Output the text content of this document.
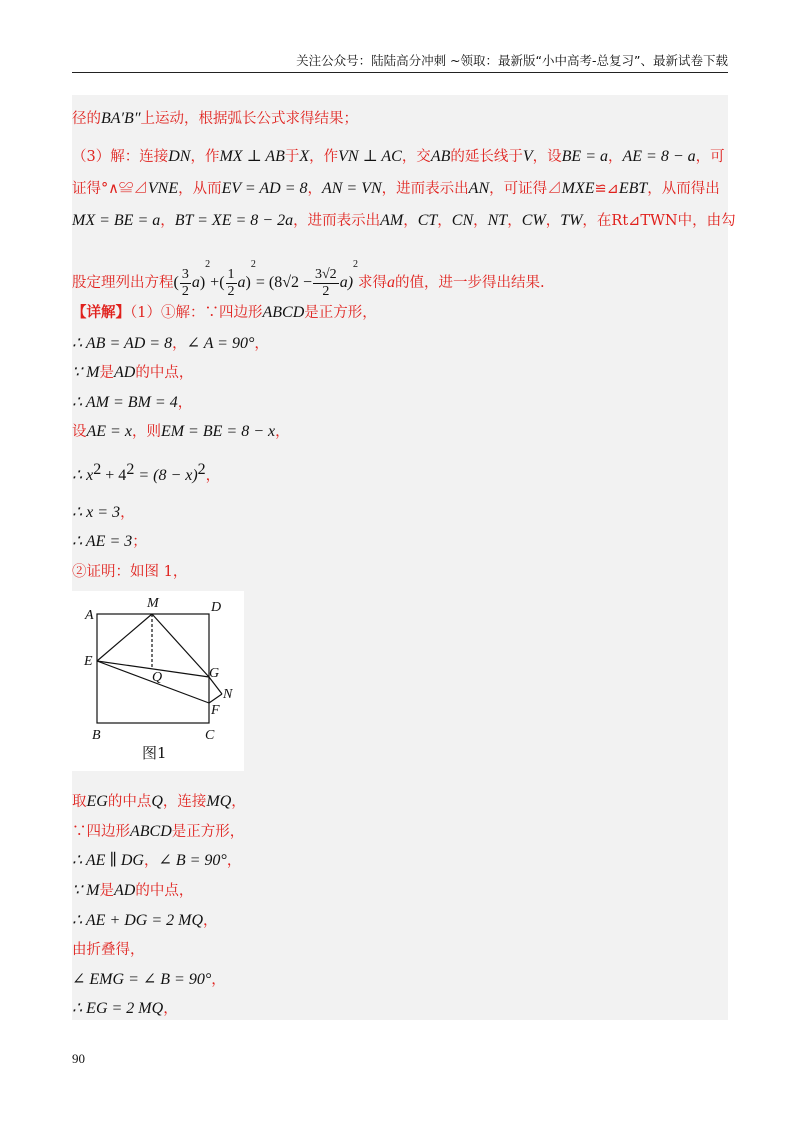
关注公众号：陆陆高分冲刺 ~领取：最新版“小中高考-总复习”、最新试卷下载
径的BA′B″上运动，根据弧长公式求得结果；
（3）解：连接DN，作MX ⊥ AB于X，作VN ⊥ AC，交AB的延长线于V，设BE = a，AE = 8 − a，可
证得°∧≌⊿VNE，从而EV = AD = 8，AN = VN，进而表示出AN，可证得⊿MXE≌⊿EBT，从而得出
MX = BE = a，BT = XE = 8 − 2a，进而表示出AM，CT，CN，NT，CW，TW，在Rt⊿TWN中，由勾
股定理列出方程( $\frac{3}{2} a)^2+( \frac{1}{2} a)^2= (8√2 - \frac{3√2}{2} a)^2$求得a的值，进一步得出结果.
【详解】（1）①解：∵四边形ABCD是正方形，
∴ AB = AD = 8，∠ A = 90°，
∵ M是AD的中点，
∴ AM = BM = 4，
设AE = x，则EM = BE = 8 − x，
∴ $x^2 + 4^2 = (8 - x)^2$，
∴ x = 3，
∴ AE = 3；
②证明：如图 1，
A
M	D
E
Q	G
N
F
B	C
图1
取EG的中点Q，连接MQ，
∵四边形ABCD是正方形，
∴ AE ∥ DG，∠ B = 90°，
∵ M是AD的中点，
∴ AE + DG = 2 MQ，
由折叠得，
∠ EMG = ∠ B = 90°，
∴ EG = 2 MQ，
90
